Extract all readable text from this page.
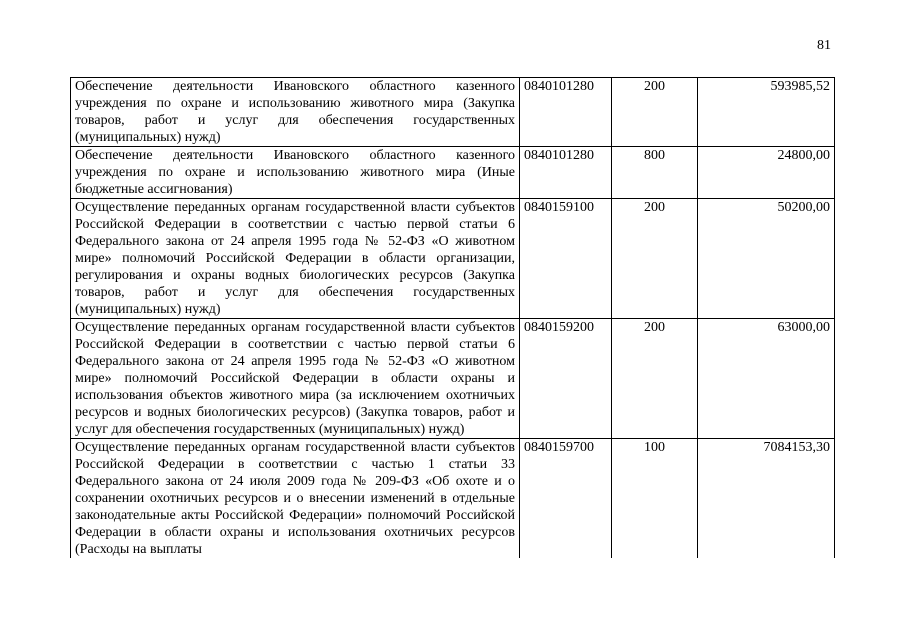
81
Обеспечение деятельности Ивановского областного казенного учреждения по охране и использованию животного мира (Закупка товаров, работ и услуг для обеспечения государственных (муниципальных) нужд)	0840101280	200	593985,52
Обеспечение деятельности Ивановского областного казенного учреждения по охране и использованию животного мира (Иные бюджетные ассигнования)	0840101280	800	24800,00
Осуществление переданных органам государственной власти субъектов Российской Федерации в соответствии с частью первой статьи 6 Федерального закона от 24 апреля 1995 года № 52-ФЗ «О животном мире» полномочий Российской Федерации в области организации, регулирования и охраны водных биологических ресурсов (Закупка товаров, работ и услуг для обеспечения государственных (муниципальных) нужд)	0840159100	200	50200,00
Осуществление переданных органам государственной власти субъектов Российской Федерации в соответствии с частью первой статьи 6 Федерального закона от 24 апреля 1995 года № 52-ФЗ «О животном мире» полномочий Российской Федерации в области охраны и использования объектов животного мира (за исключением охотничьих ресурсов и водных биологических ресурсов) (Закупка товаров, работ и услуг для обеспечения государственных (муниципальных) нужд)	0840159200	200	63000,00
Осуществление переданных органам государственной власти субъектов Российской Федерации в соответствии с частью 1 статьи 33 Федерального закона от 24 июля 2009 года № 209-ФЗ «Об охоте и о сохранении охотничьих ресурсов и о внесении изменений в отдельные законодательные акты Российской Федерации» полномочий Российской Федерации в области охраны и использования охотничьих ресурсов (Расходы на выплаты	0840159700	100	7084153,30
